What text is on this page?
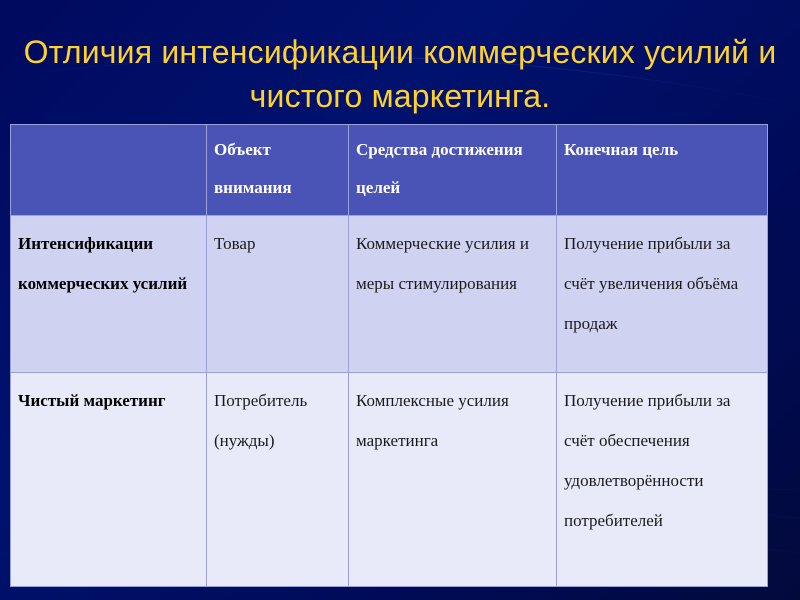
Отличия интенсификации коммерческих усилий и чистого маркетинга.
	Объект внимания	Средства достижения целей	Конечная цель
Интенсификации коммерческих усилий	Товар	Коммерческие усилия и меры стимулирования	Получение прибыли за счёт увеличения объёма продаж
Чистый маркетинг	Потребитель (нужды)	Комплексные усилия маркетинга	Получение прибыли за счёт обеспечения удовлетворённости потребителей
